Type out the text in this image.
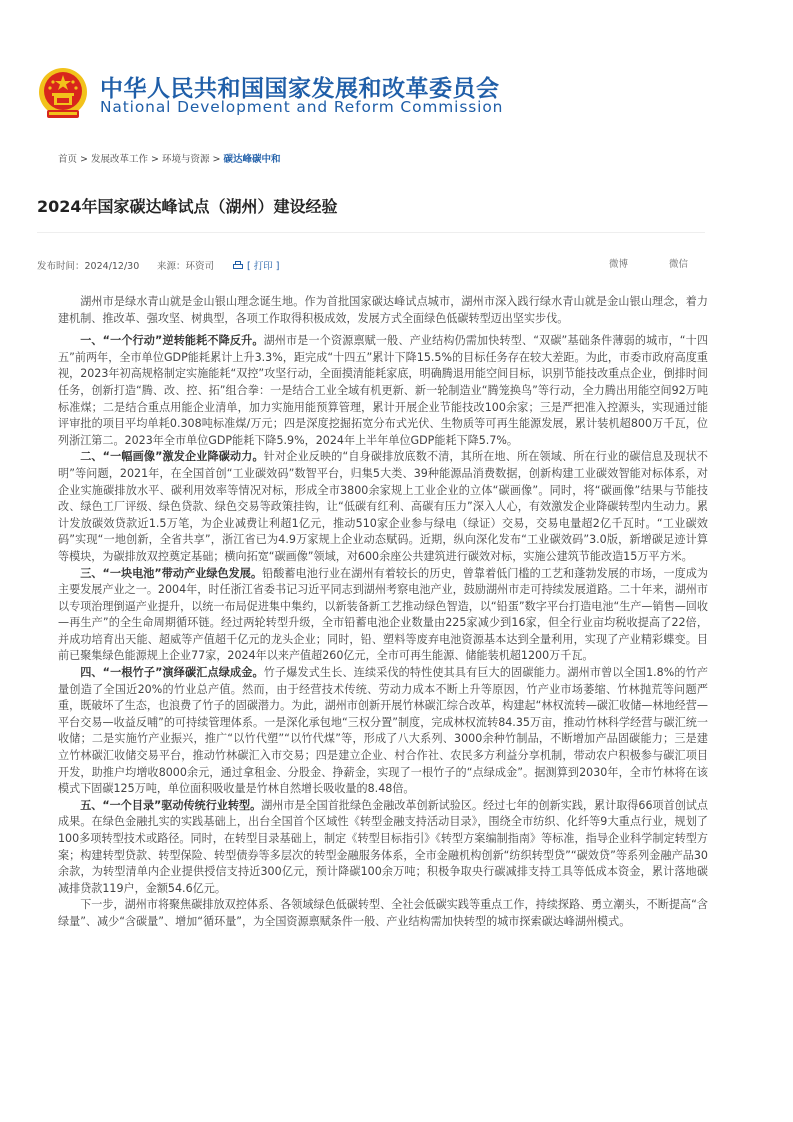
中华人民共和国国家发展和改革委员会
National Development and Reform Commission
首页 > 发展改革工作 > 环境与资源 > 碳达峰碳中和
2024年国家碳达峰试点（湖州）建设经验
发布时间：2024/12/30 来源：环资司	[ 打印 ]	微博	微信

湖州市是绿水青山就是金山银山理念诞生地。作为首批国家碳达峰试点城市，湖州市深入践行绿水青山就是金山银山理念，着力建机制、推改革、强攻坚、树典型，各项工作取得积极成效，发展方式全面绿色低碳转型迈出坚实步伐。

一、“一个行动”逆转能耗不降反升。湖州市是一个资源禀赋一般、产业结构仍需加快转型、“双碳”基础条件薄弱的城市，“十四五”前两年，全市单位GDP能耗累计上升3.3%，距完成“十四五”累计下降15.5%的目标任务存在较大差距。为此，市委市政府高度重视，2023年初高规格制定实施能耗“双控”攻坚行动，全面摸清能耗家底，明确腾退用能空间目标，识别节能技改重点企业，倒排时间任务，创新打造“腾、改、控、拓”组合拳：一是结合工业全域有机更新、新一轮制造业“腾笼换鸟”等行动，全力腾出用能空间92万吨标准煤；二是结合重点用能企业清单，加力实施用能预算管理，累计开展企业节能技改100余家；三是严把准入控源头，实现通过能评审批的项目平均单耗0.308吨标准煤/万元；四是深度挖掘拓宽分布式光伏、生物质等可再生能源发展，累计装机超800万千瓦，位列浙江第二。2023年全市单位GDP能耗下降5.9%，2024年上半年单位GDP能耗下降5.7%。

二、“一幅画像”激发企业降碳动力。针对企业反映的“自身碳排放底数不清，其所在地、所在领域、所在行业的碳信息及现状不明”等问题，2021年，在全国首创“工业碳效码”数智平台，归集5大类、39种能源品消费数据，创新构建工业碳效智能对标体系，对企业实施碳排放水平、碳利用效率等情况对标，形成全市3800余家规上工业企业的立体“碳画像”。同时，将“碳画像”结果与节能技改、绿色工厂评级、绿色贷款、绿色交易等政策挂钩，让“低碳有红利、高碳有压力”深入人心，有效激发企业降碳转型内生动力。累计发放碳效贷款近1.5万笔，为企业减费让利超1亿元，推动510家企业参与绿电（绿证）交易，交易电量超2亿千瓦时。“工业碳效码”实现“一地创新，全省共享”，浙江省已为4.9万家规上企业动态赋码。近期，纵向深化发布“工业碳效码”3.0版，新增碳足迹计算等模块，为碳排放双控奠定基础；横向拓宽“碳画像”领域，对600余座公共建筑进行碳效对标，实施公建筑节能改造15万平方米。

三、“一块电池”带动产业绿色发展。铅酸蓄电池行业在湖州有着较长的历史，曾靠着低门槛的工艺和蓬勃发展的市场，一度成为主要发展产业之一。2004年，时任浙江省委书记习近平同志到湖州考察电池产业，鼓励湖州市走可持续发展道路。二十年来，湖州市以专项治理倒逼产业提升，以统一布局促进集中集约，以新装备新工艺推动绿色智造，以“铅蛋”数字平台打造电池“生产—销售—回收—再生产”的全生命周期循环链。经过两轮转型升级，全市铅蓄电池企业数量由225家减少到16家，但全行业亩均税收提高了22倍，并成功培育出天能、超威等产值超千亿元的龙头企业；同时，铅、塑料等废弃电池资源基本达到全量利用，实现了产业精彩蝶变。目前已聚集绿色能源规上企业77家，2024年以来产值超260亿元，全市可再生能源、储能装机超1200万千瓦。

四、“一根竹子”演绎碳汇点绿成金。竹子爆发式生长、连续采伐的特性使其具有巨大的固碳能力。湖州市曾以全国1.8%的竹产量创造了全国近20%的竹业总产值。然而，由于经营技术传统、劳动力成本不断上升等原因，竹产业市场萎缩、竹林抛荒等问题严重，既破坏了生态，也浪费了竹子的固碳潜力。为此，湖州市创新开展竹林碳汇综合改革，构建起“林权流转—碳汇收储—林地经营—平台交易—收益反哺”的可持续管理体系。一是深化承包地“三权分置”制度，完成林权流转84.35万亩，推动竹林科学经营与碳汇统一收储；二是实施竹产业振兴，推广“以竹代塑”“以竹代煤”等，形成了八大系列、3000余种竹制品，不断增加产品固碳能力；三是建立竹林碳汇收储交易平台，推动竹林碳汇入市交易；四是建立企业、村合作社、农民多方利益分享机制，带动农户积极参与碳汇项目开发，助推户均增收8000余元，通过拿租金、分股金、挣薪金，实现了一根竹子的“点绿成金”。据测算到2030年，全市竹林将在该模式下固碳125万吨，单位面积吸收量是竹林自然增长吸收量的8.48倍。

五、“一个目录”驱动传统行业转型。湖州市是全国首批绿色金融改革创新试验区。经过七年的创新实践，累计取得66项首创试点成果。在绿色金融扎实的实践基础上，出台全国首个区域性《转型金融支持活动目录》，围绕全市纺织、化纤等9大重点行业，规划了100多项转型技术或路径。同时，在转型目录基础上，制定《转型目标指引》《转型方案编制指南》等标准，指导企业科学制定转型方案；构建转型贷款、转型保险、转型债券等多层次的转型金融服务体系，全市金融机构创新“纺织转型贷”“碳效贷”等系列金融产品30余款，为转型清单内企业提供授信支持近300亿元，预计降碳100余万吨；积极争取央行碳减排支持工具等低成本资金，累计落地碳减排贷款119户，金额54.6亿元。

下一步，湖州市将聚焦碳排放双控体系、各领域绿色低碳转型、全社会低碳实践等重点工作，持续探路、勇立潮头，不断提高“含绿量”、减少“含碳量”、增加“循环量”，为全国资源禀赋条件一般、产业结构需加快转型的城市探索碳达峰湖州模式。
